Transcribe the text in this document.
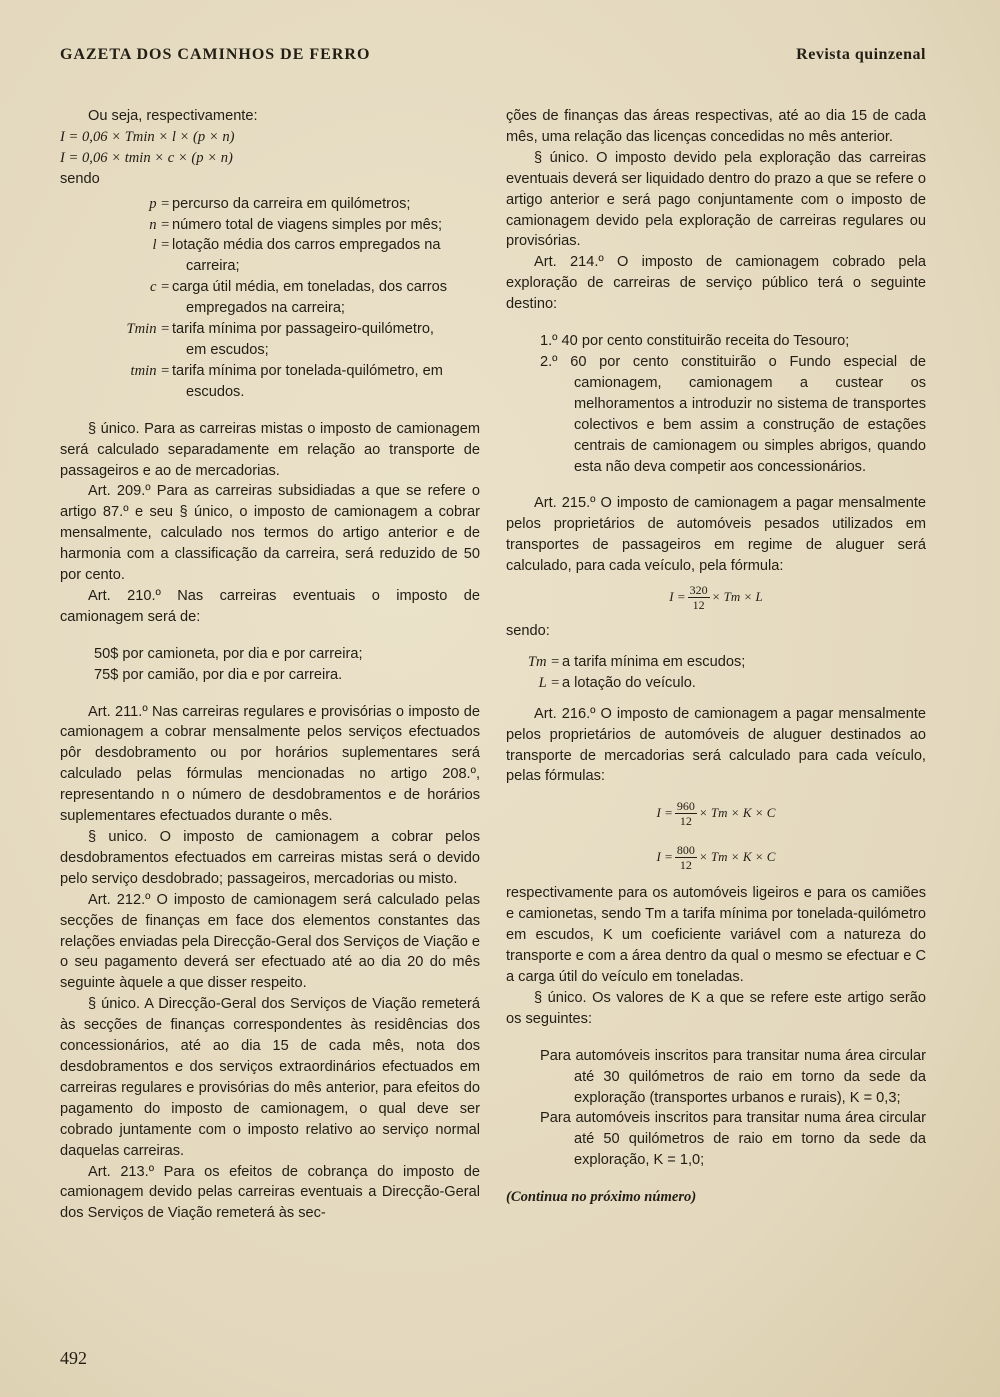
GAZETA DOS CAMINHOS DE FERRO	Revista quinzenal

Ou seja, respectivamente:

I = 0,06 × Tmin × l × (p × n)

I = 0,06 × tmin × c × (p × n)

sendo

p = percurso da carreira em quilómetros;
n = número total de viagens simples por mês;
l = lotação média dos carros empregados na
carreira;
c = carga útil média, em toneladas, dos carros
empregados na carreira;
Tmin = tarifa mínima por passageiro-quilómetro,
em escudos;
tmin = tarifa mínima por tonelada-quilómetro, em
escudos.

§ único. Para as carreiras mistas o imposto de camionagem será calculado separadamente em relação ao transporte de passageiros e ao de mercadorias.

Art. 209.º Para as carreiras subsidiadas a que se refere o artigo 87.º e seu § único, o imposto de camionagem a cobrar mensalmente, calculado nos termos do artigo anterior e de harmonia com a classificação da carreira, será reduzido de 50 por cento.

Art. 210.º Nas carreiras eventuais o imposto de camionagem será de:

50$ por camioneta, por dia e por carreira;

75$ por camião, por dia e por carreira.

Art. 211.º Nas carreiras regulares e provisórias o imposto de camionagem a cobrar mensalmente pelos serviços efectuados pôr desdobramento ou por horários suplementares será calculado pelas fórmulas mencionadas no artigo 208.º, representando n o número de desdobramentos e de horários suplementares efectuados durante o mês.

§ unico. O imposto de camionagem a cobrar pelos desdobramentos efectuados em carreiras mistas será o devido pelo serviço desdobrado; passageiros, mercadorias ou misto.

Art. 212.º O imposto de camionagem será calculado pelas secções de finanças em face dos elementos constantes das relações enviadas pela Direcção-Geral dos Serviços de Viação e o seu pagamento deverá ser efectuado até ao dia 20 do mês seguinte àquele a que disser respeito.

§ único. A Direcção-Geral dos Serviços de Viação remeterá às secções de finanças correspondentes às residências dos concessionários, até ao dia 15 de cada mês, nota dos desdobramentos e dos serviços extraordinários efectuados em carreiras regulares e provisórias do mês anterior, para efeitos do pagamento do imposto de camionagem, o qual deve ser cobrado juntamente com o imposto relativo ao serviço normal daquelas carreiras.

Art. 213.º Para os efeitos de cobrança do imposto de camionagem devido pelas carreiras eventuais a Direcção-Geral dos Serviços de Viação remeterá às sec-

ções de finanças das áreas respectivas, até ao dia 15 de cada mês, uma relação das licenças concedidas no mês anterior.

§ único. O imposto devido pela exploração das carreiras eventuais deverá ser liquidado dentro do prazo a que se refere o artigo anterior e será pago conjuntamente com o imposto de camionagem devido pela exploração de carreiras regulares ou provisórias.

Art. 214.º O imposto de camionagem cobrado pela exploração de carreiras de serviço público terá o seguinte destino:

1.º 40 por cento constituirão receita do Tesouro;

2.º 60 por cento constituirão o Fundo especial de camionagem, camionagem a custear os melhoramentos a introduzir no sistema de transportes colectivos e bem assim a construção de estações centrais de camionagem ou simples abrigos, quando esta não deva competir aos concessionários.

Art. 215.º O imposto de camionagem a pagar mensalmente pelos proprietários de automóveis pesados utilizados em transportes de passageiros em regime de aluguer será calculado, para cada veículo, pela fórmula:

$I = \frac{320}{12} \times Tm \times L$

sendo:

Tm = a tarifa mínima em escudos;
L = a lotação do veículo.

Art. 216.º O imposto de camionagem a pagar mensalmente pelos proprietários de automóveis de aluguer destinados ao transporte de mercadorias será calculado para cada veículo, pelas fórmulas:

$I = \frac{960}{12} \times Tm \times K \times C$
$I = \frac{800}{12} \times Tm \times K \times C$

respectivamente para os automóveis ligeiros e para os camiões e camionetas, sendo Tm a tarifa mínima por tonelada-quilómetro em escudos, K um coeficiente variável com a natureza do transporte e com a área dentro da qual o mesmo se efectuar e C a carga útil do veículo em toneladas.

§ único. Os valores de K a que se refere este artigo serão os seguintes:

Para automóveis inscritos para transitar numa área circular até 30 quilómetros de raio em torno da sede da exploração (transportes urbanos e rurais), K = 0,3;

Para automóveis inscritos para transitar numa área circular até 50 quilómetros de raio em torno da sede da exploração, K = 1,0;

(Continua no próximo número)

492
